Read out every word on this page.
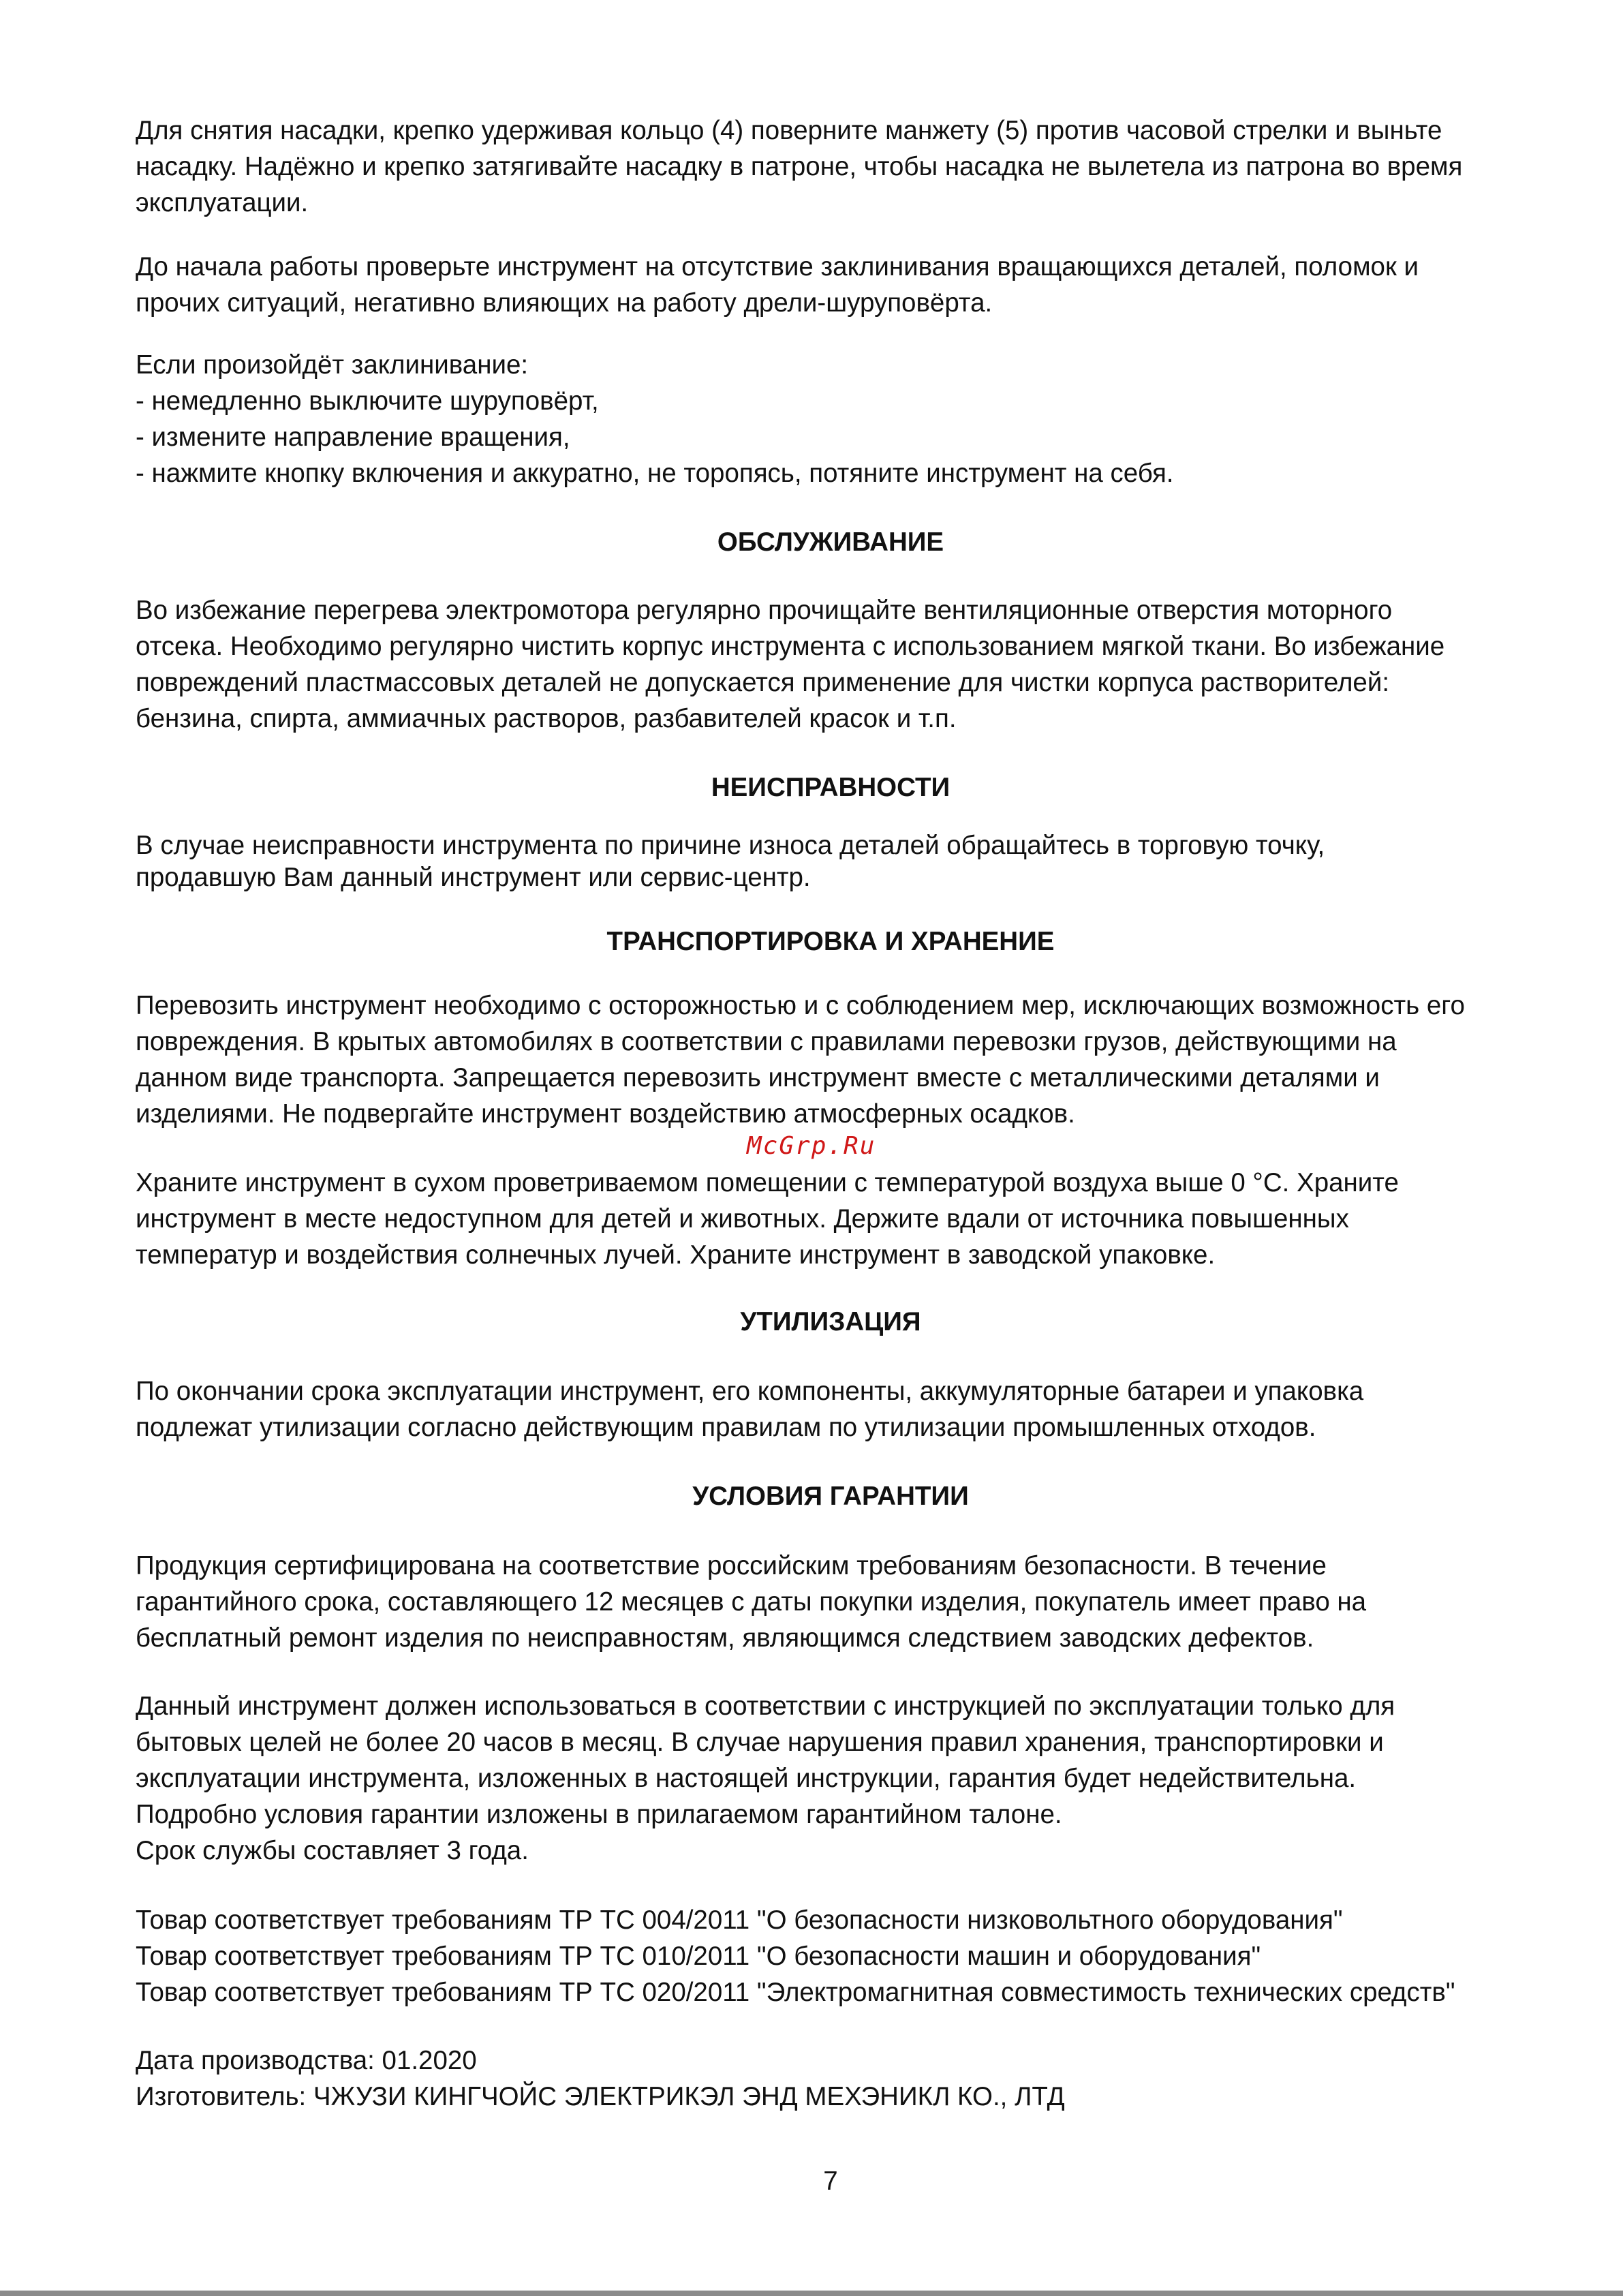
Для снятия насадки, крепко удерживая кольцо (4) поверните манжету (5) против часовой стрелки и выньте
насадку. Надёжно и крепко затягивайте насадку в патроне, чтобы насадка не вылетела из патрона во время
эксплуатации.

До начала работы проверьте инструмент на отсутствие заклинивания вращающихся деталей, поломок и
прочих ситуаций, негативно влияющих на работу дрели-шуруповёрта.

Если произойдёт заклинивание:
- немедленно выключите шуруповёрт,
- измените направление вращения,
- нажмите кнопку включения и аккуратно, не торопясь, потяните инструмент на себя.

ОБСЛУЖИВАНИЕ

Во избежание перегрева электромотора регулярно прочищайте вентиляционные отверстия моторного
отсека. Необходимо регулярно чистить корпус инструмента с использованием мягкой ткани. Во избежание
повреждений пластмассовых деталей не допускается применение для чистки корпуса растворителей:
бензина, спирта, аммиачных растворов, разбавителей красок и т.п.

НЕИСПРАВНОСТИ

В случае неисправности инструмента по причине износа деталей обращайтесь в торговую точку,
продавшую Вам данный инструмент или сервис-центр.

ТРАНСПОРТИРОВКА И ХРАНЕНИЕ

Перевозить инструмент необходимо с осторожностью и с соблюдением мер, исключающих возможность его
повреждения. В крытых автомобилях в соответствии с правилами перевозки грузов, действующими на
данном виде транспорта. Запрещается перевозить инструмент вместе с металлическими деталями и
изделиями. Не подвергайте инструмент воздействию атмосферных осадков.

McGrp.Ru

Храните инструмент в сухом проветриваемом помещении с температурой воздуха выше 0 °С. Храните
инструмент в месте недоступном для детей и животных. Держите вдали от источника повышенных
температур и воздействия солнечных лучей. Храните инструмент в заводской упаковке.

УТИЛИЗАЦИЯ

По окончании срока эксплуатации инструмент, его компоненты, аккумуляторные батареи и упаковка
подлежат утилизации согласно действующим правилам по утилизации промышленных отходов.

УСЛОВИЯ ГАРАНТИИ

Продукция сертифицирована на соответствие российским требованиям безопасности. В течение
гарантийного срока, составляющего 12 месяцев с даты покупки изделия, покупатель имеет право на
бесплатный ремонт изделия по неисправностям, являющимся следствием заводских дефектов.

Данный инструмент должен использоваться в соответствии с инструкцией по эксплуатации только для
бытовых целей не более 20 часов в месяц. В случае нарушения правил хранения, транспортировки и
эксплуатации инструмента, изложенных в настоящей инструкции, гарантия будет недействительна.
Подробно условия гарантии изложены в прилагаемом гарантийном талоне.
Срок службы составляет 3 года.

Товар соответствует требованиям ТР ТС 004/2011 "О безопасности низковольтного оборудования"
Товар соответствует требованиям ТР ТС 010/2011 "О безопасности машин и оборудования"
Товар соответствует требованиям ТР ТС 020/2011 "Электромагнитная совместимость технических средств"

Дата производства: 01.2020
Изготовитель: ЧЖУЗИ КИНГЧОЙС ЭЛЕКТРИКЭЛ ЭНД МЕХЭНИКЛ КО., ЛТД

7
